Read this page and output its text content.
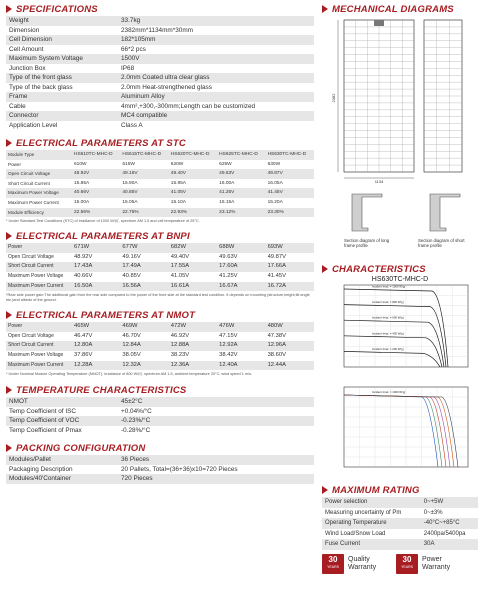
SPECIFICATIONS
Weight	33.7kg
Dimension	2382mm*1134mm*30mm
Cell Dimension	182*105mm
Cell Amount	66*2 pcs
Maximum System Voltage	1500V
Junction Box	IP68
Type of the front glass	2.0mm Coated ultra clear glass
Type of the back glass	2.0mm Heat-strengthened glass
Frame	Aluminum Alloy
Cable	4mm²,+300,-300mm;Length can be customized
Connector	MC4 compatible
Application Level	Class A
ELECTRICAL PARAMETERS AT STC
Module Type	HS610TC-MHC-D	HS615TC-MHC-D	HS620TC-MHC-D	HS625TC-MHC-D	HS630TC-MHC-D
Power	610W	615W	620W	625W	630W
Open Circuit Voltage	48.92V	49.16V	49.40V	49.63V	49.87V
Short Circuit Current	15.85A	15.90A	15.95A	16.00A	16.05A
Maximum Power Voltage	40.66V	40.85V	41.05V	41.25V	41.45V
Maximum Power Current	15.00A	15.05A	15.10A	15.15A	15.20A
Module Efficiency	22.56%	22.75%	22.93%	23.12%	23.30%
* Under Standard Test Conditions (STC) of irradiance of 1000 W/㎡, spectrum AM 1.5 and cell temperature of 25°C.
ELECTRICAL PARAMETERS AT BNPI
Power	671W	677W	682W	688W	693W
Open Circuit Voltage	48.92V	49.16V	49.40V	49.63V	49.87V
Short Circuit Current	17.43A	17.49A	17.55A	17.60A	17.66A
Maximum Power Voltage	40.66V	40.85V	41.05V	41.25V	41.45V
Maximum Power Current	16.50A	16.56A	16.61A	16.67A	16.72A
*Rear side power gain:The additional gain from the rear side compared to the power of the front side at the standard test condition. It depends on mounting (structure,height,tilt angle etc.)and albedo of the ground.
ELECTRICAL PARAMETERS AT NMOT
Power	465W	469W	472W	476W	480W
Open Circuit Voltage	46.47V	46.70V	46.92V	47.15V	47.38V
Short Circuit Current	12.80A	12.84A	12.88A	12.92A	12.96A
Maximum Power Voltage	37.86V	38.05V	38.23V	38.42V	38.60V
Maximum Power Current	12.28A	12.32A	12.36A	12.40A	12.44A
* Under Nominal Module Operating Temperature (NMOT), irradiance of 800 W/㎡, spectrum AM 1.5, ambient temperature 20°C, wind speed 1 m/s.
TEMPERATURE CHARACTERISTICS
NMOT	45±2°C
Temp Coefficient of ISC	+0.04%/°C
Temp Coefficient of VOC	-0.23%/°C
Temp Coefficient of Pmax	-0.28%/°C
PACKING CONFIGURATION
Modules/Pallet	36 Pieces
Packaging Description	20 Pallets, Total=(36+36)x10=720 Pieces
Modules/40'Container	720 Pieces
MECHANICAL DIAGRAMS
2382
1134
Section diagram of long frame profile
Section diagram of short frame profile
CHARACTERISTICS
HS630TC-MHC-D
Incident Irrad. = 1000 W/㎡
Incident Irrad. = 800 W/㎡
Incident Irrad. = 600 W/㎡
Incident Irrad. = 400 W/㎡
Incident Irrad. = 200 W/㎡
Incident Irrad. = 1000 W/㎡
MAXIMUM RATING
Power selection	0~+5W
Measuring uncertainty of Pm	0~±3%
Operating Temperature	-40°C~+85°C
Wind Load/Snow Load	2400pa/5400pa
Fuse Current	30A
30
YEARS
Quality Warranty
30
YEARS
Power Warranty
